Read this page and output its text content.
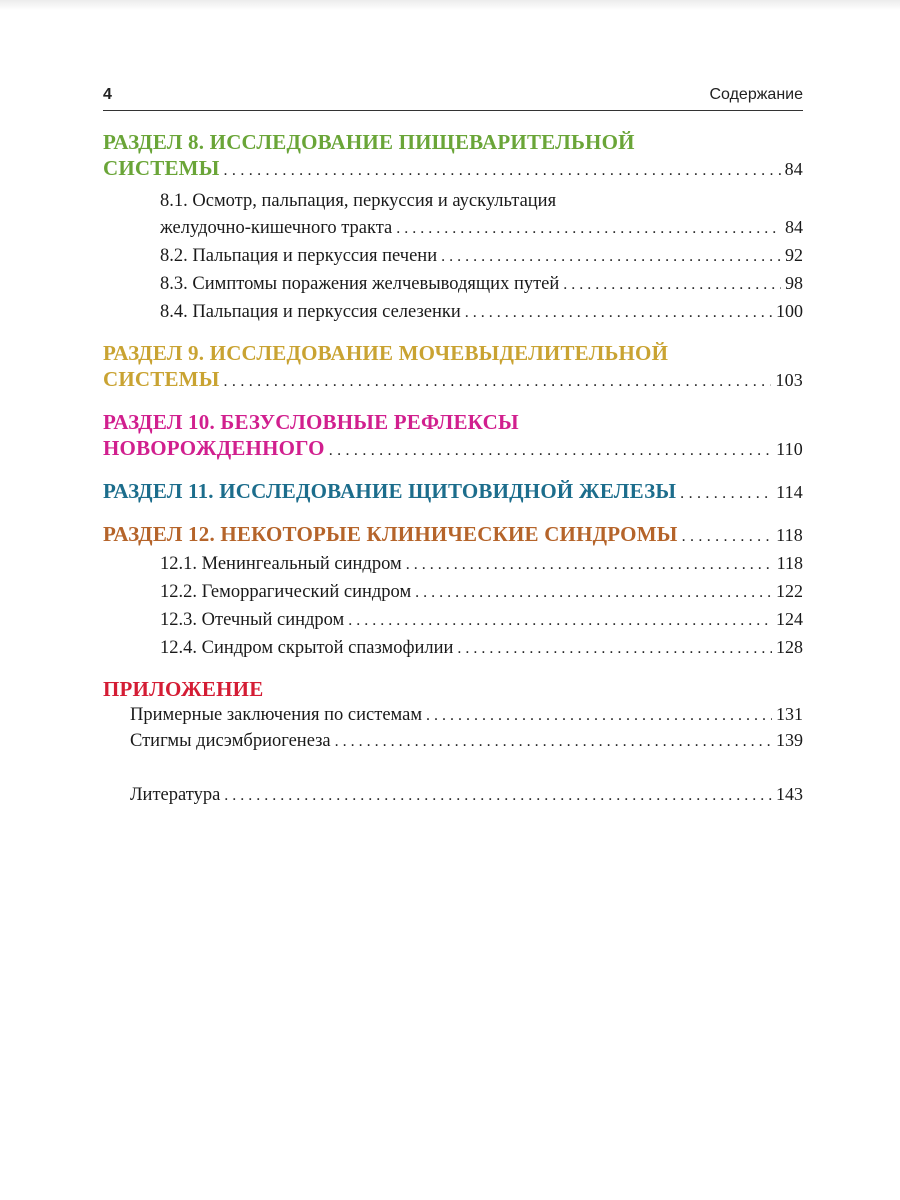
4	Содержание
РАЗДЕЛ 8. ИССЛЕДОВАНИЕ ПИЩЕВАРИТЕЛЬНОЙ
СИСТЕМЫ . . .	84
8.1. Осмотр, пальпация, перкуссия и аускультация
желудочно-кишечного тракта . . .	84
8.2. Пальпация и перкуссия печени . . .	92
8.3. Симптомы поражения желчевыводящих путей . . .	98
8.4. Пальпация и перкуссия селезенки . . .	100
РАЗДЕЛ 9. ИССЛЕДОВАНИЕ МОЧЕВЫДЕЛИТЕЛЬНОЙ
СИСТЕМЫ . . .	103
РАЗДЕЛ 10. БЕЗУСЛОВНЫЕ РЕФЛЕКСЫ
НОВОРОЖДЕННОГО . . .	110
РАЗДЕЛ 11. ИССЛЕДОВАНИЕ ЩИТОВИДНОЙ ЖЕЛЕЗЫ . . .	114
РАЗДЕЛ 12. НЕКОТОРЫЕ КЛИНИЧЕСКИЕ СИНДРОМЫ . . .	118
12.1. Менингеальный синдром . . .	118
12.2. Геморрагический синдром . . .	122
12.3. Отечный синдром . . .	124
12.4. Синдром скрытой спазмофилии . . .	128
ПРИЛОЖЕНИЕ
Примерные заключения по системам . . .	131
Стигмы дисэмбриогенеза . . .	139
Литература . . .	143
